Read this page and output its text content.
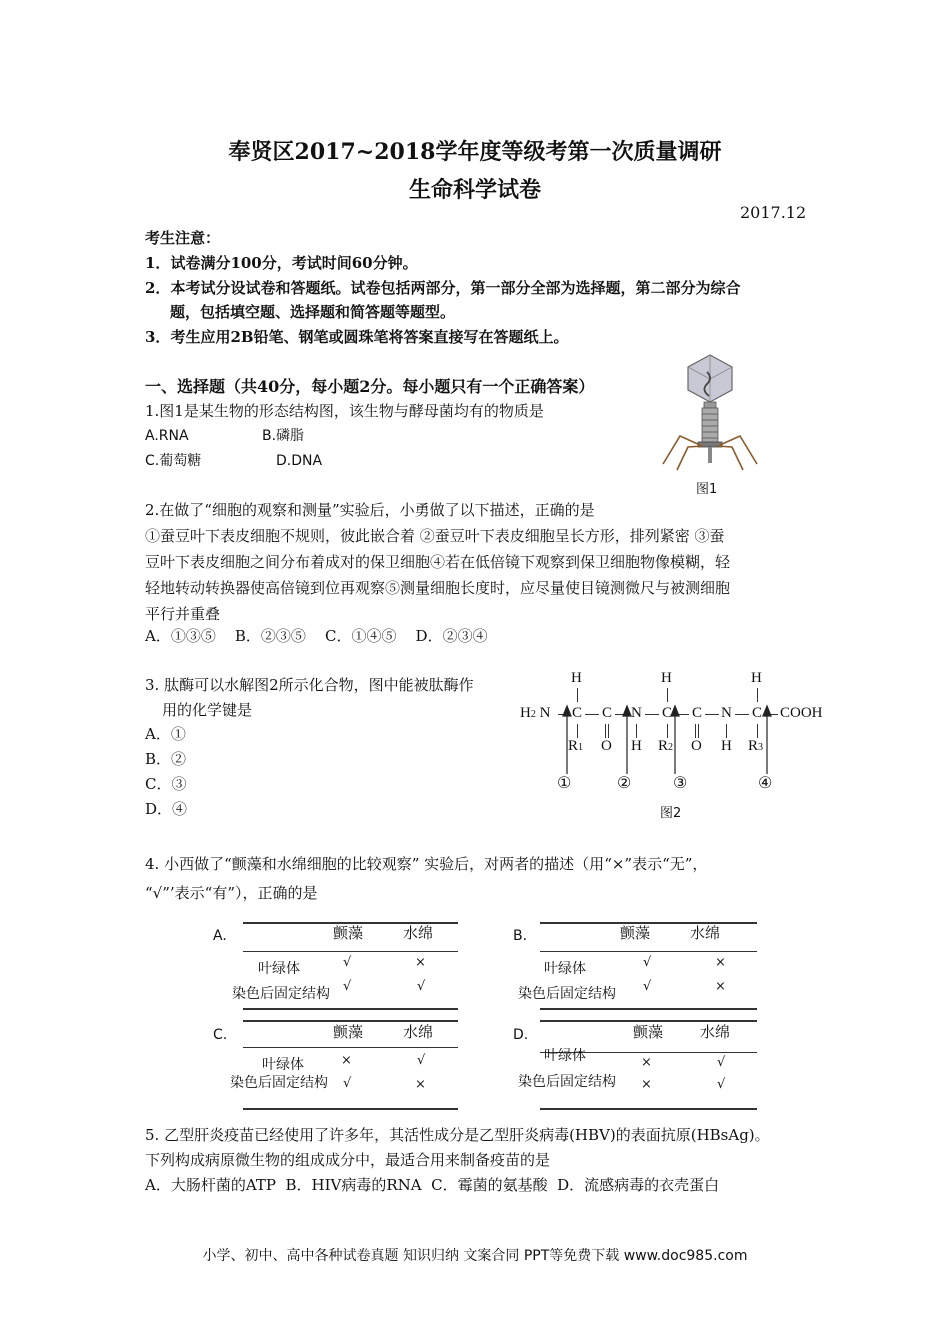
奉贤区2017~2018学年度等级考第一次质量调研
生命科学试卷
2017.12
考生注意：
1．试卷满分100分，考试时间60分钟。
2．本考试分设试卷和答题纸。试卷包括两部分，第一部分全部为选择题，第二部分为综合
题，包括填空题、选择题和简答题等题型。
3．考生应用2B铅笔、钢笔或圆珠笔将答案直接写在答题纸上。
一、选择题（共40分，每小题2分。每小题只有一个正确答案）
1.图1是某生物的形态结构图，该生物与酵母菌均有的物质是
A.RNA	B.磷脂
C.葡萄糖	D.DNA
图1
2.在做了“细胞的观察和测量”实验后，小勇做了以下描述，正确的是
①蚕豆叶下表皮细胞不规则，彼此嵌合着 ②蚕豆叶下表皮细胞呈长方形，排列紧密 ③蚕
豆叶下表皮细胞之间分布着成对的保卫细胞④若在低倍镜下观察到保卫细胞物像模糊，轻
轻地转动转换器使高倍镜到位再观察⑤测量细胞长度时，应尽量使目镜测微尺与被测细胞
平行并重叠
A．①③⑤    B．②③⑤    C．①④⑤    D．②③④
3. 肽酶可以水解图2所示化合物，图中能被肽酶作
用的化学键是
A．①
B．②
C．③
D．④
H	H	H
H2 N C C N C C N C COOH
R1 O H R2 O H R3
①	②	③	④
图2
4. 小西做了“颤藻和水绵细胞的比较观察” 实验后，对两者的描述（用“×”表示“无”，
“√”’表示“有”），正确的是
A.	颤藻	水绵
叶绿体	√	×
染色后固定结构 √	√
B.	颤藻	水绵
叶绿体	√	×
染色后固定结构 √	×
C.	颤藻	水绵
叶绿体	×	√
染色后固定结构 √	×
D.	颤藻 水绵
叶绿体	×	√
染色后固定结构 ×	√
5. 乙型肝炎疫苗已经使用了许多年，其活性成分是乙型肝炎病毒(HBV)的表面抗原(HBsAg)。
下列构成病原微生物的组成成分中，最适合用来制备疫苗的是
A．大肠杆菌的ATP  B．HIV病毒的RNA  C．霉菌的氨基酸  D．流感病毒的衣壳蛋白
小学、初中、高中各种试卷真题 知识归纳 文案合同 PPT等免费下载 www.doc985.com
